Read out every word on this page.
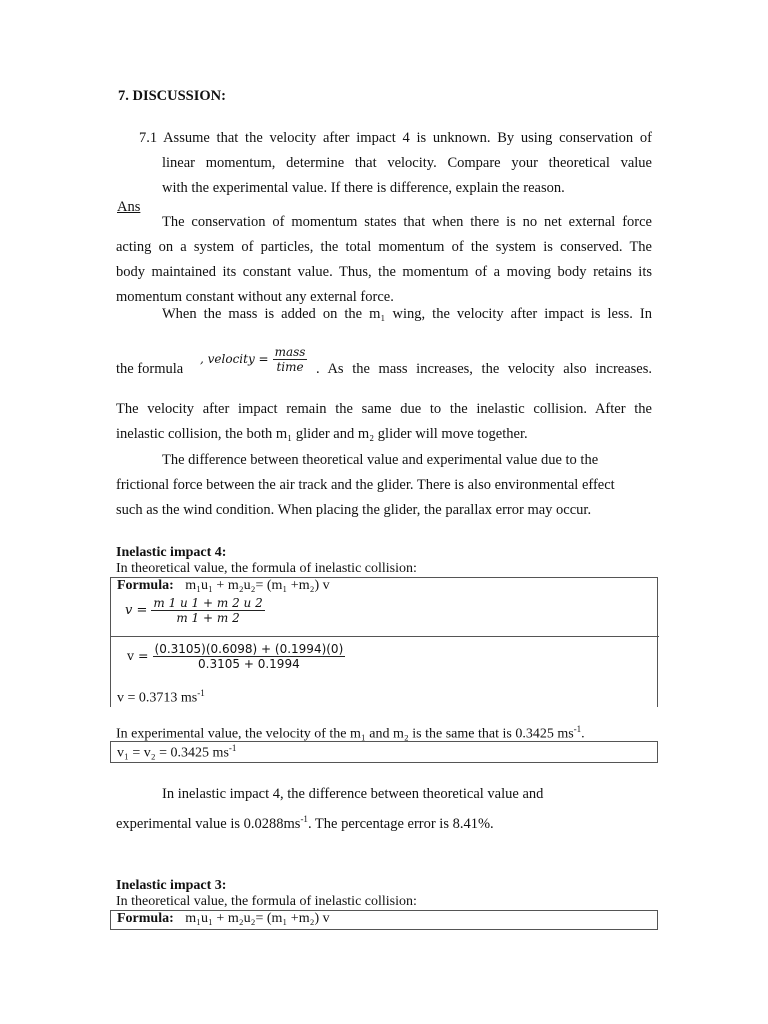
7. DISCUSSION:
7.1 Assume that the velocity after impact 4 is unknown. By using conservation of
linear momentum, determine that velocity. Compare your theoretical value
with the experimental value. If there is difference, explain the reason.
Ans
The conservation of momentum states that when there is no net external force
acting on a system of particles, the total momentum of the system is conserved. The
body maintained its constant value. Thus, the momentum of a moving body retains its
momentum constant without any external force.
When the mass is added on the m₁ wing, the velocity after impact is less. In
the formula
, velocity = $\frac{\text{mass}}{\text{time}}$ . As the mass increases, the velocity also increases.
The velocity after impact remain the same due to the inelastic collision. After the
inelastic collision, the both m₁ glider and m₂ glider will move together.
The difference between theoretical value and experimental value due to the
frictional force between the air track and the glider. There is also environmental effect
such as the wind condition. When placing the glider, the parallax error may occur.
Inelastic impact 4:
In theoretical value, the formula of inelastic collision:
Formula: m₁u₁ + m₂u₂= (m₁ +m₂) v
$v = \frac{m 1 u 1 + m 2 u 2}{m 1 + m 2}$
$v = \frac{(0.3105)(0.6098) + (0.1994)(0)}{0.3105 + 0.1994}$
v = 0.3713 $ms^{-1}$
In experimental value, the velocity of the m₁ and m₂ is the same that is 0.3425 $ms^{-1}$.
v₁ = v₂ = 0.3425 $ms^{-1}$
In inelastic impact 4, the difference between theoretical value and
experimental value is $0.0288ms^{-1}$. The percentage error is 8.41%.
Inelastic impact 3:
In theoretical value, the formula of inelastic collision:
Formula: m₁u₁ + m₂u₂= (m₁ +m₂) v
